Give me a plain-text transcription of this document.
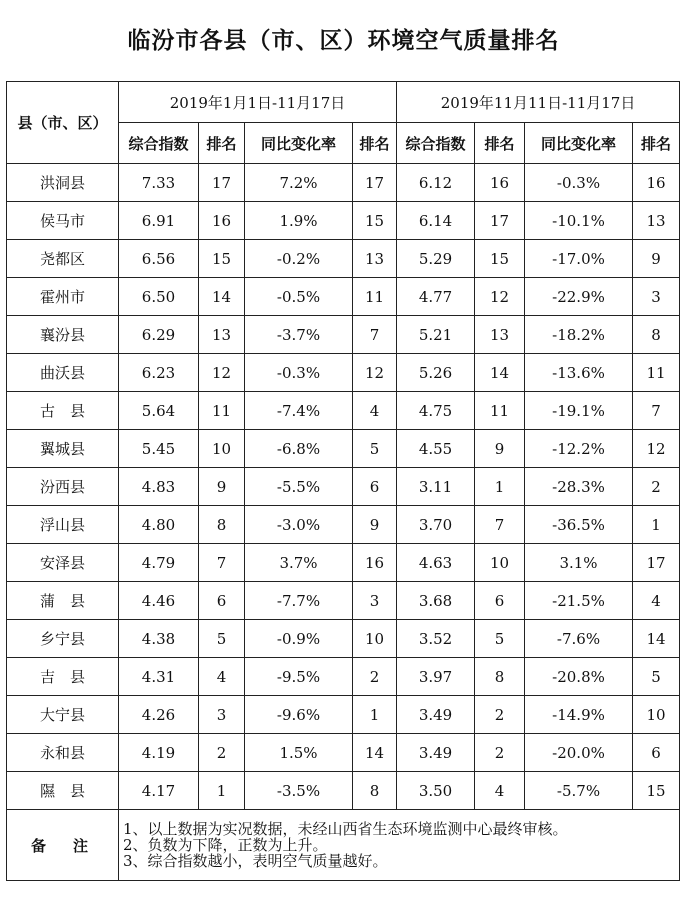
临汾市各县（市、区）环境空气质量排名
县（市、区）	2019年1月1日-11月17日				2019年11月11日-11月17日			
	综合指数	排名	同比变化率	排名	综合指数	排名	同比变化率	排名
洪洞县	7.33	17	7.2%	17	6.12	16	-0.3%	16
侯马市	6.91	16	1.9%	15	6.14	17	-10.1%	13
尧都区	6.56	15	-0.2%	13	5.29	15	-17.0%	9
霍州市	6.50	14	-0.5%	11	4.77	12	-22.9%	3
襄汾县	6.29	13	-3.7%	7	5.21	13	-18.2%	8
曲沃县	6.23	12	-0.3%	12	5.26	14	-13.6%	11
古　县	5.64	11	-7.4%	4	4.75	11	-19.1%	7
翼城县	5.45	10	-6.8%	5	4.55	9	-12.2%	12
汾西县	4.83	9	-5.5%	6	3.11	1	-28.3%	2
浮山县	4.80	8	-3.0%	9	3.70	7	-36.5%	1
安泽县	4.79	7	3.7%	16	4.63	10	3.1%	17
蒲　县	4.46	6	-7.7%	3	3.68	6	-21.5%	4
乡宁县	4.38	5	-0.9%	10	3.52	5	-7.6%	14
吉　县	4.31	4	-9.5%	2	3.97	8	-20.8%	5
大宁县	4.26	3	-9.6%	1	3.49	2	-14.9%	10
永和县	4.19	2	1.5%	14	3.49	2	-20.0%	6
隰　县	4.17	1	-3.5%	8	3.50	4	-5.7%	15
备　注	1、以上数据为实况数据，未经山西省生态环境监测中心最终审核。
2、负数为下降，正数为上升。
3、综合指数越小，表明空气质量越好。							
